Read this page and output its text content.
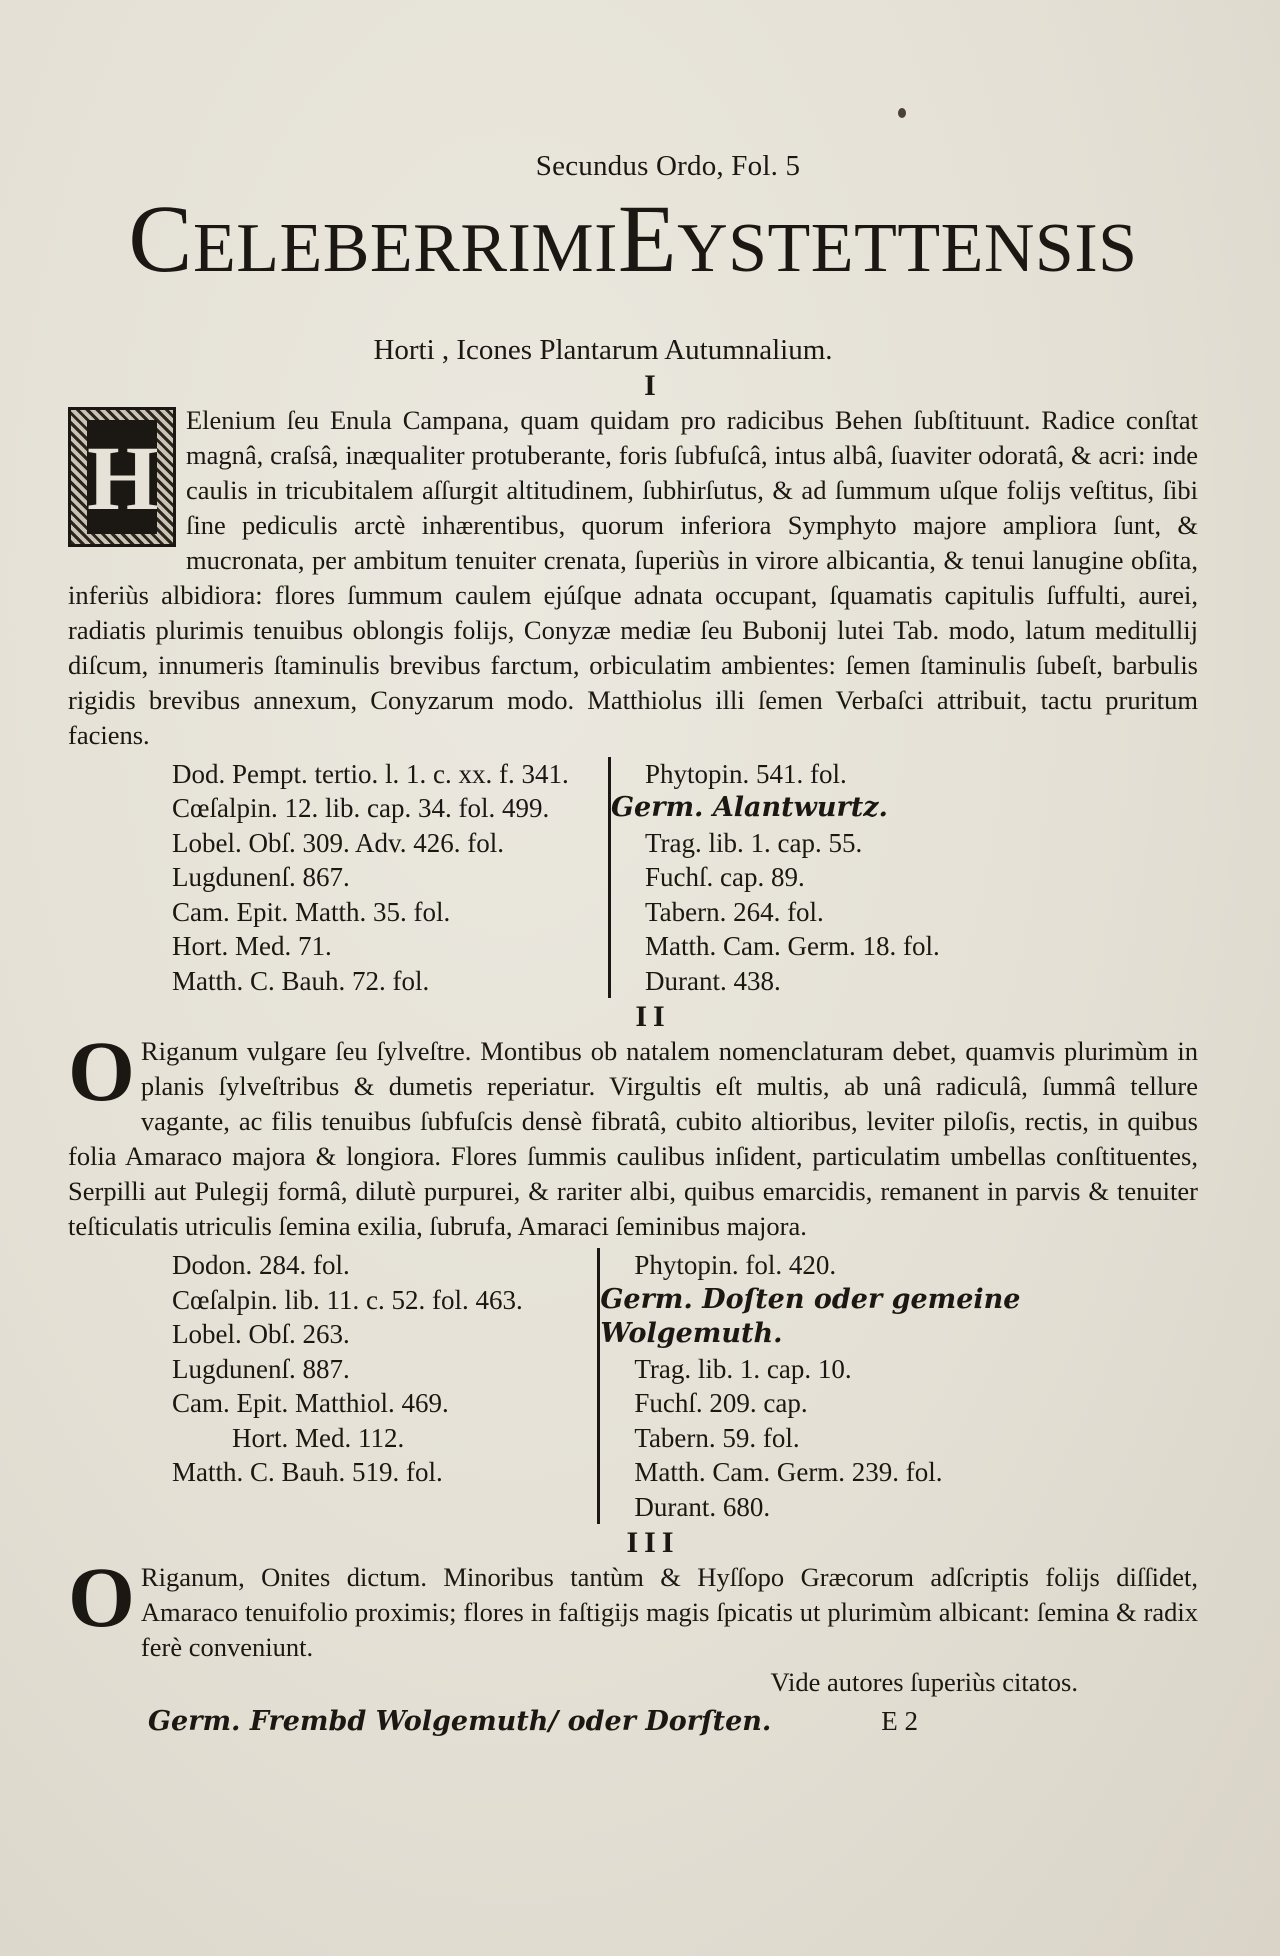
Secundus Ordo, Fol. 5
CELEBERRIMIEYSTETTENSIS
Horti , Icones Plantarum Autumnalium.
I
H

Elenium ſeu Enula Campana, quam quidam pro radicibus Behen ſubſtituunt. Radice conſtat magnâ, craſsâ, inæqualiter protuberante, foris ſubfuſcâ, intus albâ, ſuaviter odoratâ, & acri: inde caulis in tricubitalem aſſurgit altitudinem, ſubhirſutus, & ad ſummum uſque folijs veſtitus, ſibi ſine pediculis arctè inhærentibus, quorum inferiora Symphyto majore ampliora ſunt, & mucronata, per ambitum tenuiter crenata, ſuperiùs in virore albicantia, & tenui lanugine obſita, inferiùs albidiora: flores ſummum caulem ejúſque adnata occupant, ſquamatis capitulis ſuffulti, aurei, radiatis plurimis tenuibus oblongis folijs, Conyzæ mediæ ſeu Bubonij lutei Tab. modo, latum meditullij diſcum, innumeris ſtaminulis brevibus farctum, orbiculatim ambientes: ſemen ſtaminulis ſubeſt, barbulis rigidis brevibus annexum, Conyzarum modo. Matthiolus illi ſemen Verbaſci attribuit, tactu pruritum faciens.

Dod. Pempt. tertio. l. 1. c. xx. f. 341.
Cœſalpin. 12. lib. cap. 34. fol. 499.
Lobel. Obſ. 309. Adv. 426. fol.
Lugdunenſ. 867.
Cam. Epit. Matth. 35. fol.
Hort. Med. 71.
Matth. C. Bauh. 72. fol.
Phytopin. 541. fol.
Germ. Alantwurtz.
Trag. lib. 1. cap. 55.
Fuchſ. cap. 89.
Tabern. 264. fol.
Matth. Cam. Germ. 18. fol.
Durant. 438.
II
O Riganum vulgare ſeu ſylveſtre. Montibus ob natalem nomenclaturam debet, quamvis plurimùm in planis ſylveſtribus & dumetis reperiatur. Virgultis eſt multis, ab unâ radiculâ, ſummâ tellure vagante, ac filis tenuibus ſubfuſcis densè fibratâ, cubito altioribus, leviter piloſis, rectis, in quibus folia Amaraco majora & longiora. Flores ſummis caulibus inſident, particulatim umbellas conſtituentes, Serpilli aut Pulegij formâ, dilutè purpurei, & rariter albi, quibus emarcidis, remanent in parvis & tenuiter teſticulatis utriculis ſemina exilia, ſubrufa, Amaraci ſeminibus majora.

Dodon. 284. fol.
Cœſalpin. lib. 11. c. 52. fol. 463.
Lobel. Obſ. 263.
Lugdunenſ. 887.
Cam. Epit. Matthiol. 469.
Hort. Med. 112.
Matth. C. Bauh. 519. fol.
Phytopin. fol. 420.
Germ. Doſten oder gemeine Wolgemuth.
Trag. lib. 1. cap. 10.
Fuchſ. 209. cap.
Tabern. 59. fol.
Matth. Cam. Germ. 239. fol.
Durant. 680.
III
O Riganum, Onites dictum. Minoribus tantùm & Hyſſopo Græcorum adſcriptis folijs diſſidet, Amaraco tenuifolio proximis; flores in faſtigijs magis ſpicatis ut plurimùm albicant: ſemina & radix ferè conveniunt.

Vide autores ſuperiùs citatos.
Germ. Frembd Wolgemuth/ oder Dorſten.	E 2
